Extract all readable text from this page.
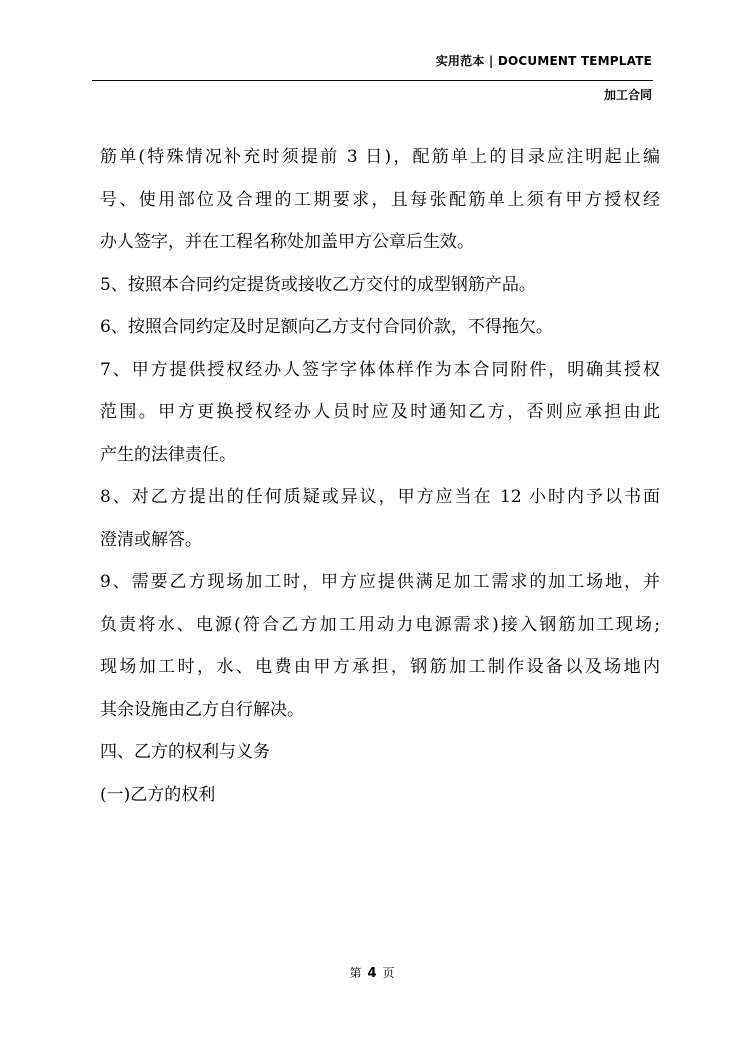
实用范本 | DOCUMENT TEMPLATE
加工合同
筋单(特殊情况补充时须提前 3 日)，配筋单上的目录应注明起止编
号、使用部位及合理的工期要求，且每张配筋单上须有甲方授权经
办人签字，并在工程名称处加盖甲方公章后生效。
5、按照本合同约定提货或接收乙方交付的成型钢筋产品。
6、按照合同约定及时足额向乙方支付合同价款，不得拖欠。
7、甲方提供授权经办人签字字体体样作为本合同附件，明确其授权
范围。甲方更换授权经办人员时应及时通知乙方，否则应承担由此
产生的法律责任。
8、对乙方提出的任何质疑或异议，甲方应当在 12 小时内予以书面
澄清或解答。
9、需要乙方现场加工时，甲方应提供满足加工需求的加工场地，并
负责将水、电源(符合乙方加工用动力电源需求)接入钢筋加工现场;
现场加工时，水、电费由甲方承担，钢筋加工制作设备以及场地内
其余设施由乙方自行解决。
四、乙方的权利与义务
(一)乙方的权利
第 4 页
